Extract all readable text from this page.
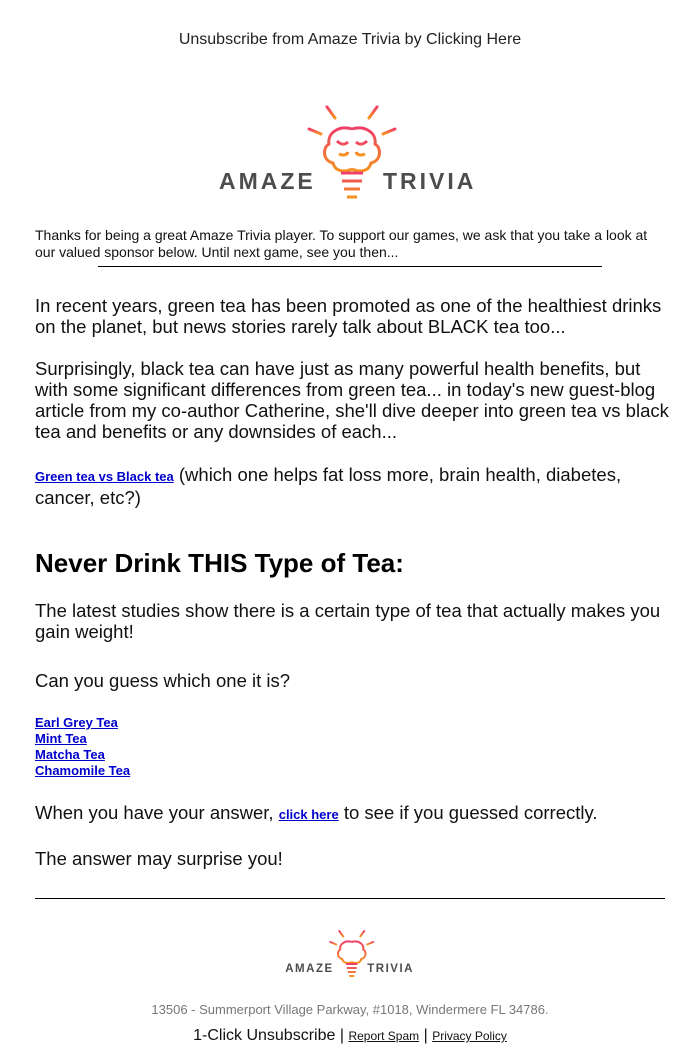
Unsubscribe from Amaze Trivia by Clicking Here
AMAZE	TRIVIA
Thanks for being a great Amaze Trivia player. To support our games, we ask that you take a look at our valued sponsor below. Until next game, see you then...

In recent years, green tea has been promoted as one of the healthiest drinks on the planet, but news stories rarely talk about BLACK tea too...

Surprisingly, black tea can have just as many powerful health benefits, but with some significant differences from green tea... in today's new guest-blog article from my co-author Catherine, she'll dive deeper into green tea vs black tea and benefits or any downsides of each...

Green tea vs Black tea (which one helps fat loss more, brain health, diabetes, cancer, etc?)

Never Drink THIS Type of Tea:

The latest studies show there is a certain type of tea that actually makes you gain weight!

Can you guess which one it is?

Earl Grey Tea
Mint Tea
Matcha Tea
Chamomile Tea

When you have your answer, click here to see if you guessed correctly.

The answer may surprise you!

AMAZE TRIVIA
13506 - Summerport Village Parkway, #1018, Windermere FL 34786.
1-Click Unsubscribe | Report Spam | Privacy Policy
